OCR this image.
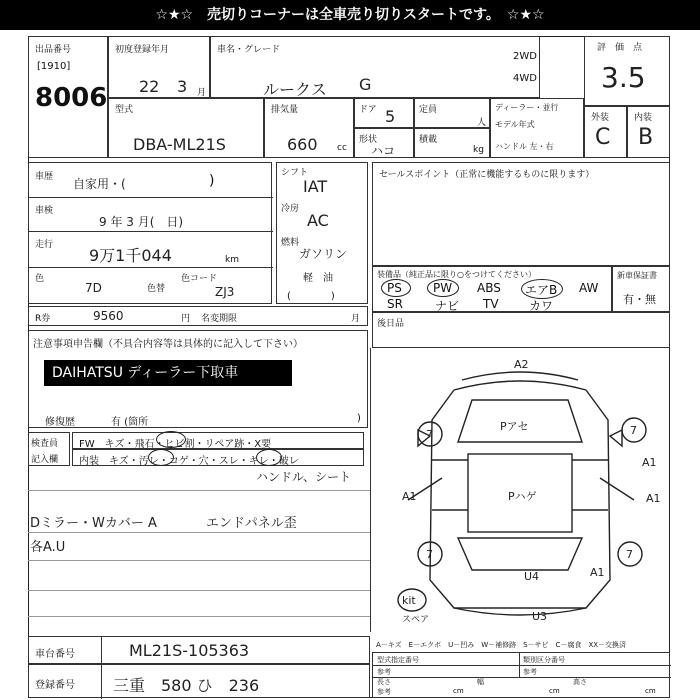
☆★☆　売切りコーナーは全車売り切りスタートです。　☆★☆
出品番号
[1910]
8006
初度登録年月
22 3 月
車名・グレード
ルークス G
2WD
4WD
評　価　点
3.5
型式
DBA-ML21S
排気量
660 cc
ドア 5	定員
人
形状
ハコ
積載
kg
ディーラー・並行
モデル年式
ハンドル 左・右
外装
C
内装
B
車歴 自家用・(	)
車検
9 年 3 月(　日)
走行
9万1千044	km
色
7D	色替
色コード
ZJ3
シフト
IAT
冷房
AC
燃料
ガソリン
軽　油
(　　　　)
R券	9560	円 名変期限	月
セールスポイント（正常に機能するものに限ります）
装備品（純正品に限り○をつけてください）
PS	PW ABS エアB AW
SR	ナビ TV	カワ
新車保証書
有・無
後日品
注意事項申告欄（不具合内容等は具体的に記入して下さい）
修復歴	有 (箇所	)
DAIHATSU ディーラー下取車
検査員
記入欄
FW　キズ・飛石・ヒビ割・リペア跡・X要
内装　キズ・汚レ・コゲ・穴・スレ・キレ・破レ
ハンドル、シート
Dミラー・Wカバー A	エンドパネル歪
各A.U
A2
Pアセ
Pハゲ
U4
U3
A1
A1
A1
A1
7	7
7	7
kit
スペア
A－キズ　E－エクボ　U－凹み　W－補修跡　S－サビ　C－腐食　XX－交換済
型式指定番号	類別区分番号
参考	参考
長さ	幅	高さ
参考	cm	cm	cm
車台番号	ML21S-105363
登録番号 三重　580 ひ　236
